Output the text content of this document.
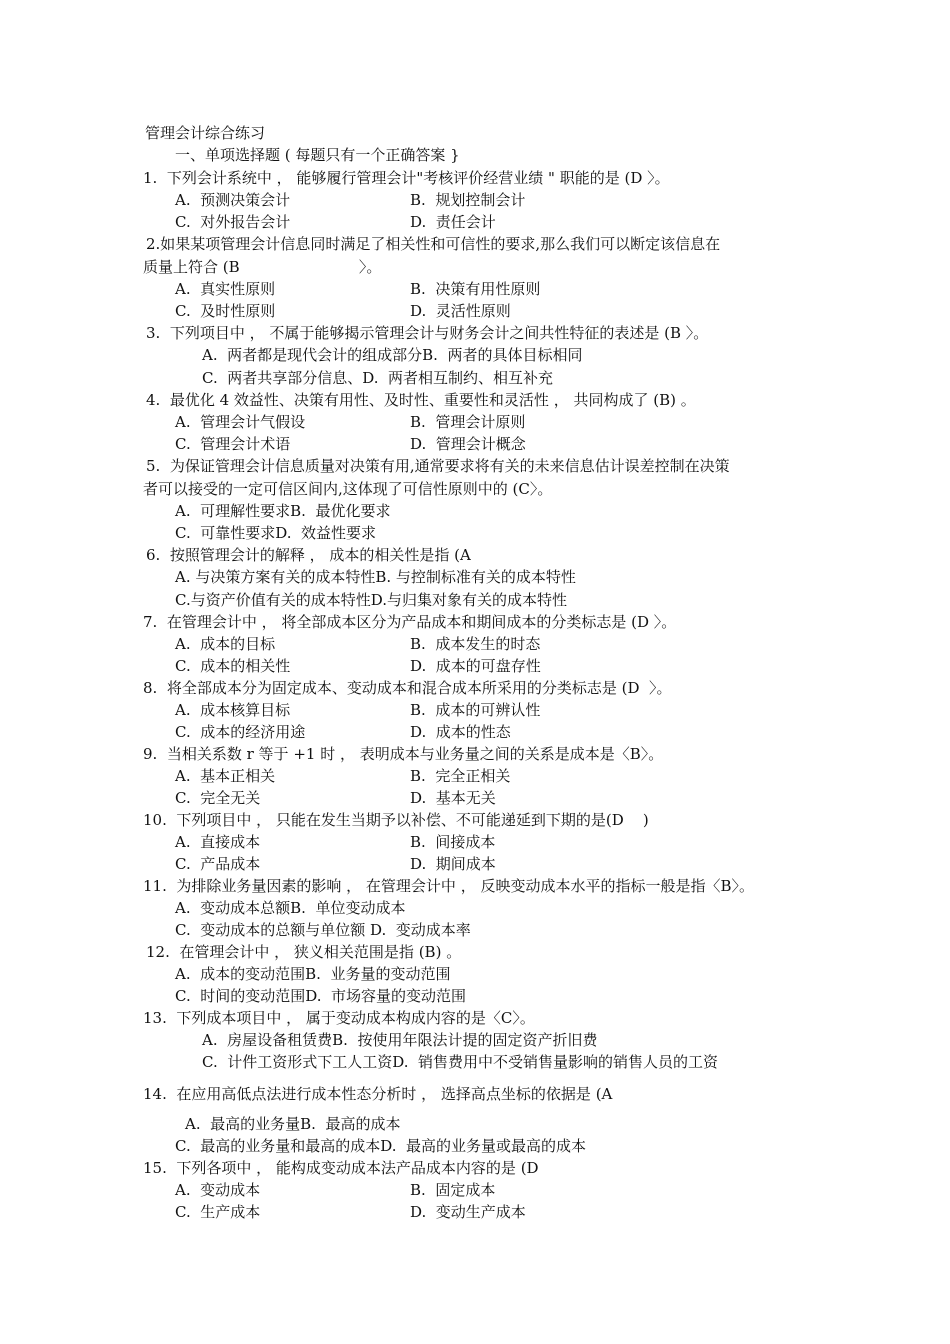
管理会计综合练习
一、单项选择题 ( 每题只有一个正确答案 }
1.  下列会计系统中 ， 能够履行管理会计"考核评价经营业绩 " 职能的是 (D 〉。
A.  预测决策会计	B.  规划控制会计
C.  对外报告会计	D.  责任会计
2.如果某项管理会计信息同时满足了相关性和可信性的要求,那么我们可以断定该信息在
质量上符合 (B                         〉。
A.  真实性原则	B.  决策有用性原则
C.  及时性原则	D.  灵活性原则
3.  下列项目中 ， 不属于能够揭示管理会计与财务会计之间共性特征的表述是 (B 〉。
A.  两者都是现代会计的组成部分B.  两者的具体目标相同
C.  两者共享部分信息、D.  两者相互制约、相互补充
4.  最优化 4 效益性、决策有用性、及时性、重要性和灵活性 ， 共同构成了 (B) 。
A.  管理会计气假设	B.  管理会计原则
C.  管理会计术语	D.  管理会计概念
5.  为保证管理会计信息质量对决策有用,通常要求将有关的未来信息估计误差控制在决策
者可以接受的一定可信区间内,这体现了可信性原则中的 (C〉。
A.  可理解性要求B.  最优化要求
C.  可靠性要求D.  效益性要求
6.  按照管理会计的解释 ， 成本的相关性是指 (A
A. 与决策方案有关的成本特性B. 与控制标准有关的成本特性
C.与资产价值有关的成本特性D.与归集对象有关的成本特性
7.  在管理会计中 ， 将全部成本区分为产品成本和期间成本的分类标志是 (D 〉。
A.  成本的目标	B.  成本发生的时态
C.  成本的相关性	D.  成本的可盘存性
8.  将全部成本分为固定成本、变动成本和混合成本所采用的分类标志是 (D  〉。
A.  成本核算目标	B.  成本的可辨认性
C.  成本的经济用途	D.  成本的性态
9.  当相关系数 r 等于 +1 时 ， 表明成本与业务量之间的关系是成本是〈B〉。
A.  基本正相关	B.  完全正相关
C.  完全无关	D.  基本无关
10.  下列项目中 ， 只能在发生当期予以补偿、不可能递延到下期的是(D    )
A.  直接成本	B.  间接成本
C.  产品成本	D.  期间成本
11.  为排除业务量因素的影响 ， 在管理会计中 ， 反映变动成本水平的指标一般是指〈B〉。
A.  变动成本总额B.  单位变动成本
C.  变动成本的总额与单位额 D.  变动成本率
12.  在管理会计中 ， 狭义相关范围是指 (B) 。
A.  成本的变动范围B.  业务量的变动范围
C.  时间的变动范围D.  市场容量的变动范围
13.  下列成本项目中 ， 属于变动成本构成内容的是〈C〉。
A.  房屋设备租赁费B.  按使用年限法计提的固定资产折旧费
C.  计件工资形式下工人工资D.  销售费用中不受销售量影响的销售人员的工资
14.  在应用高低点法进行成本性态分析时 ， 选择高点坐标的依据是 (A
A.  最高的业务量B.  最高的成本
C.  最高的业务量和最高的成本D.  最高的业务量或最高的成本
15.  下列各项中 ， 能构成变动成本法产品成本内容的是 (D
A.  变动成本	B.  固定成本
C.  生产成本	D.  变动生产成本
